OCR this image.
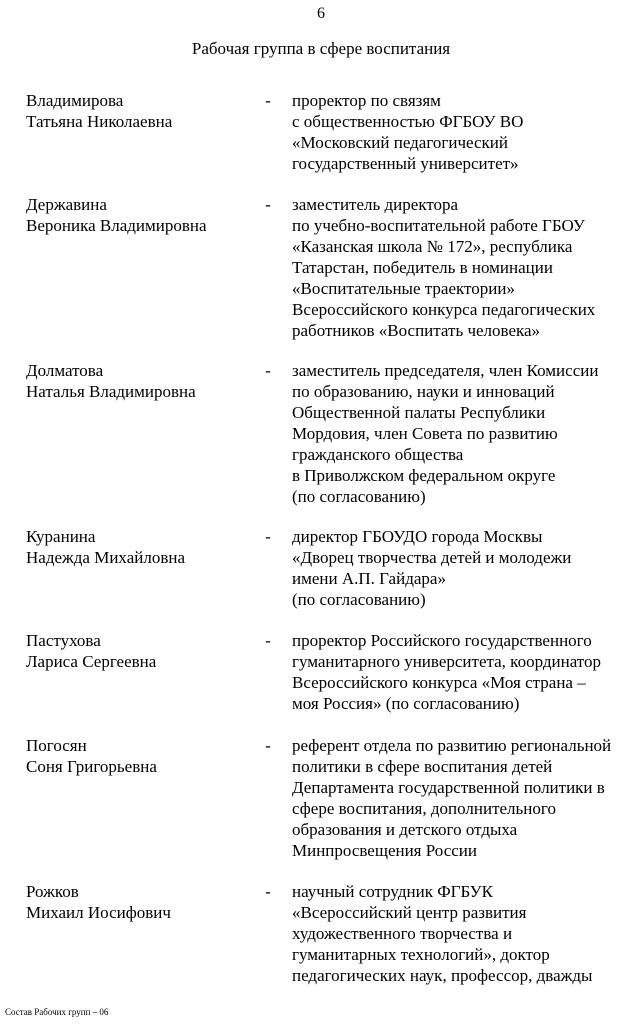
6
Рабочая группа в сфере воспитания
Владимирова
Татьяна Николаевна
- проректор по связям
с общественностью ФГБОУ ВО
«Московский педагогический
государственный университет»
Державина
Вероника Владимировна
- заместитель директора
по учебно-воспитательной работе ГБОУ
«Казанская школа № 172», республика
Татарстан, победитель в номинации
«Воспитательные траектории»
Всероссийского конкурса педагогических
работников «Воспитать человека»
Долматова
Наталья Владимировна
- заместитель председателя, член Комиссии
по образованию, науки и инноваций
Общественной палаты Республики
Мордовия, член Совета по развитию
гражданского общества
в Приволжском федеральном округе
(по согласованию)
Куранина
Надежда Михайловна
- директор ГБОУДО города Москвы
«Дворец творчества детей и молодежи
имени А.П. Гайдара»
(по согласованию)
Пастухова
Лариса Сергеевна
- проректор Российского государственного
гуманитарного университета, координатор
Всероссийского конкурса «Моя страна –
моя Россия» (по согласованию)
Погосян
Соня Григорьевна
- референт отдела по развитию региональной
политики в сфере воспитания детей
Департамента государственной политики в
сфере воспитания, дополнительного
образования и детского отдыха
Минпросвещения России
Рожков
Михаил Иосифович
- научный сотрудник ФГБУК
«Всероссийский центр развития
художественного творчества и
гуманитарных технологий», доктор
педагогических наук, профессор, дважды
Состав Рабочих групп – 06
